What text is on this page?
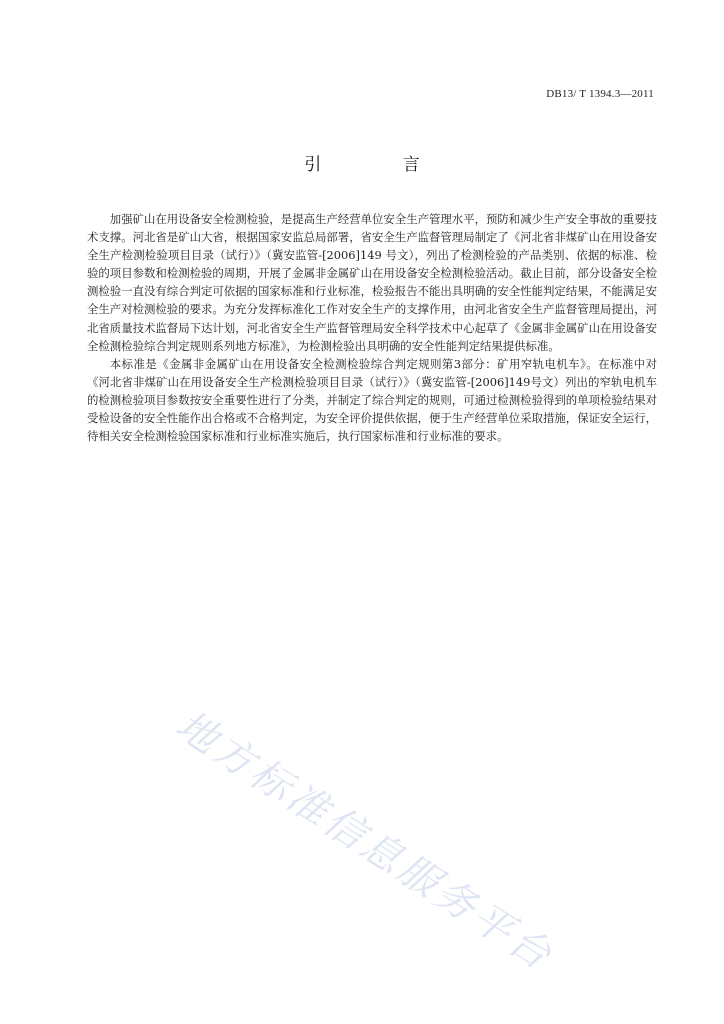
DB13/ T 1394.3—2011
引 言

加强矿山在用设备安全检测检验，是提高生产经营单位安全生产管理水平，预防和减少生产安全事故的重要技术支撑。河北省是矿山大省，根据国家安监总局部署，省安全生产监督管理局制定了《河北省非煤矿山在用设备安全生产检测检验项目目录（试行）》（冀安监管-[2006]149 号文），列出了检测检验的产品类别、依据的标准、检验的项目参数和检测检验的周期，开展了金属非金属矿山在用设备安全检测检验活动。截止目前，部分设备安全检测检验一直没有综合判定可依据的国家标准和行业标准，检验报告不能出具明确的安全性能判定结果，不能满足安全生产对检测检验的要求。为充分发挥标准化工作对安全生产的支撑作用，由河北省安全生产监督管理局提出，河北省质量技术监督局下达计划，河北省安全生产监督管理局安全科学技术中心起草了《金属非金属矿山在用设备安全检测检验综合判定规则系列地方标准》，为检测检验出具明确的安全性能判定结果提供标准。

本标准是《金属非金属矿山在用设备安全检测检验综合判定规则第3部分：矿用窄轨电机车》。在标准中对《河北省非煤矿山在用设备安全生产检测检验项目目录（试行）》（冀安监管-[2006]149号文）列出的窄轨电机车的检测检验项目参数按安全重要性进行了分类，并制定了综合判定的规则，可通过检测检验得到的单项检验结果对受检设备的安全性能作出合格或不合格判定，为安全评价提供依据，便于生产经营单位采取措施，保证安全运行，待相关安全检测检验国家标准和行业标准实施后，执行国家标准和行业标准的要求。

地方标准信息服务平台
